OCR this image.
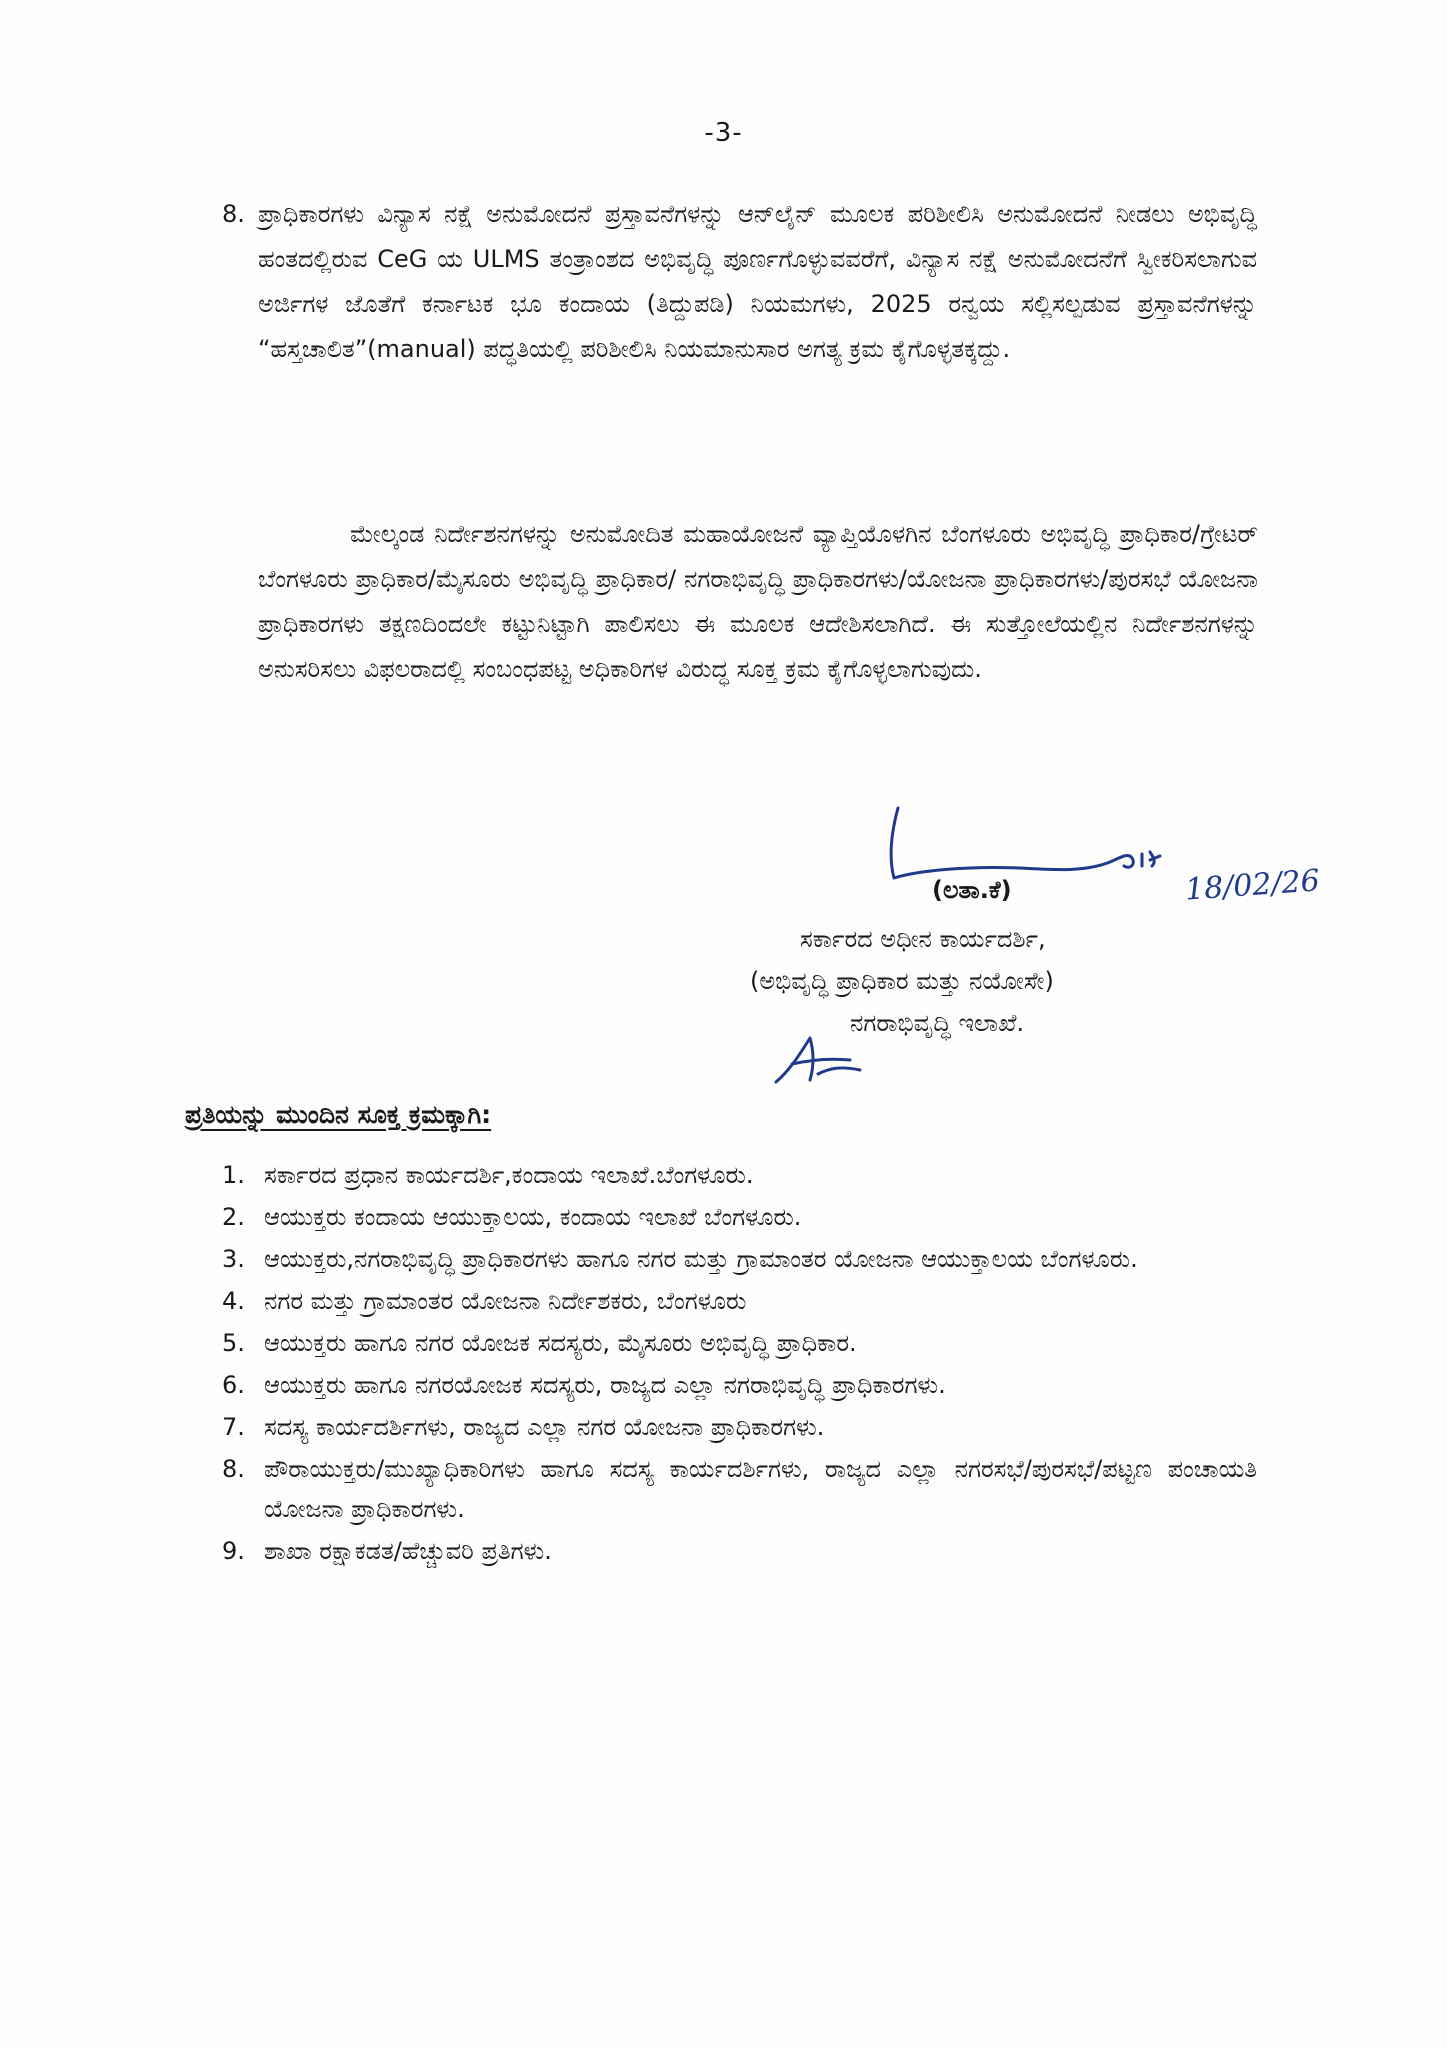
-3-
8. ಪ್ರಾಧಿಕಾರಗಳು ವಿನ್ಯಾಸ ನಕ್ಷೆ ಅನುಮೋದನೆ ಪ್ರಸ್ತಾವನೆಗಳನ್ನು ಆನ್‌ಲೈನ್ ಮೂಲಕ ಪರಿಶೀಲಿಸಿ ಅನುಮೋದನೆ ನೀಡಲು ಅಭಿವೃದ್ಧಿ ಹಂತದಲ್ಲಿರುವ CeG ಯ ULMS ತಂತ್ರಾಂಶದ ಅಭಿವೃದ್ಧಿ ಪೂರ್ಣಗೊಳ್ಳುವವರೆಗೆ, ವಿನ್ಯಾಸ ನಕ್ಷೆ ಅನುಮೋದನೆಗೆ ಸ್ವೀಕರಿಸಲಾಗುವ ಅರ್ಜಿಗಳ ಜೊತೆಗೆ ಕರ್ನಾಟಕ ಭೂ ಕಂದಾಯ (ತಿದ್ದುಪಡಿ) ನಿಯಮಗಳು, 2025 ರನ್ವಯ ಸಲ್ಲಿಸಲ್ಪಡುವ ಪ್ರಸ್ತಾವನೆಗಳನ್ನು “ಹಸ್ತಚಾಲಿತ”(manual) ಪದ್ಧತಿಯಲ್ಲಿ ಪರಿಶೀಲಿಸಿ ನಿಯಮಾನುಸಾರ ಅಗತ್ಯ ಕ್ರಮ ಕೈಗೊಳ್ಳತಕ್ಕದ್ದು.
ಮೇಲ್ಕಂಡ ನಿರ್ದೇಶನಗಳನ್ನು ಅನುಮೋದಿತ ಮಹಾಯೋಜನೆ ವ್ಯಾಪ್ತಿಯೊಳಗಿನ ಬೆಂಗಳೂರು ಅಭಿವೃದ್ಧಿ ಪ್ರಾಧಿಕಾರ/ಗ್ರೇಟರ್ ಬೆಂಗಳೂರು ಪ್ರಾಧಿಕಾರ/ಮೈಸೂರು ಅಭಿವೃದ್ಧಿ ಪ್ರಾಧಿಕಾರ/ ನಗರಾಭಿವೃದ್ಧಿ ಪ್ರಾಧಿಕಾರಗಳು/ಯೋಜನಾ ಪ್ರಾಧಿಕಾರಗಳು/ಪುರಸಭೆ ಯೋಜನಾ ಪ್ರಾಧಿಕಾರಗಳು ತಕ್ಷಣದಿಂದಲೇ ಕಟ್ಟುನಿಟ್ಟಾಗಿ ಪಾಲಿಸಲು ಈ ಮೂಲಕ ಆದೇಶಿಸಲಾಗಿದೆ. ಈ ಸುತ್ತೋಲೆಯಲ್ಲಿನ ನಿರ್ದೇಶನಗಳನ್ನು ಅನುಸರಿಸಲು ವಿಫಲರಾದಲ್ಲಿ ಸಂಬಂಧಪಟ್ಟ ಅಧಿಕಾರಿಗಳ ವಿರುದ್ಧ ಸೂಕ್ತ ಕ್ರಮ ಕೈಗೊಳ್ಳಲಾಗುವುದು.
18/02/26
(ಲತಾ.ಕೆ)
ಸರ್ಕಾರದ ಅಧೀನ ಕಾರ್ಯದರ್ಶಿ,
(ಅಭಿವೃದ್ಧಿ ಪ್ರಾಧಿಕಾರ ಮತ್ತು ನಯೋಸೇ)
ನಗರಾಭಿವೃದ್ಧಿ ಇಲಾಖೆ.
ಪ್ರತಿಯನ್ನು ಮುಂದಿನ ಸೂಕ್ತ ಕ್ರಮಕ್ಕಾಗಿ:
1. ಸರ್ಕಾರದ ಪ್ರಧಾನ ಕಾರ್ಯದರ್ಶಿ,ಕಂದಾಯ ಇಲಾಖೆ.ಬೆಂಗಳೂರು.
2. ಆಯುಕ್ತರು ಕಂದಾಯ ಆಯುಕ್ತಾಲಯ, ಕಂದಾಯ ಇಲಾಖೆ ಬೆಂಗಳೂರು.
3. ಆಯುಕ್ತರು,ನಗರಾಭಿವೃದ್ಧಿ ಪ್ರಾಧಿಕಾರಗಳು ಹಾಗೂ ನಗರ ಮತ್ತು ಗ್ರಾಮಾಂತರ ಯೋಜನಾ ಆಯುಕ್ತಾಲಯ ಬೆಂಗಳೂರು.
4. ನಗರ ಮತ್ತು ಗ್ರಾಮಾಂತರ ಯೋಜನಾ ನಿರ್ದೇಶಕರು, ಬೆಂಗಳೂರು
5. ಆಯುಕ್ತರು ಹಾಗೂ ನಗರ ಯೋಜಕ ಸದಸ್ಯರು, ಮೈಸೂರು ಅಭಿವೃದ್ಧಿ ಪ್ರಾಧಿಕಾರ.
6. ಆಯುಕ್ತರು ಹಾಗೂ ನಗರಯೋಜಕ ಸದಸ್ಯರು, ರಾಜ್ಯದ ಎಲ್ಲಾ ನಗರಾಭಿವೃದ್ಧಿ ಪ್ರಾಧಿಕಾರಗಳು.
7. ಸದಸ್ಯ ಕಾರ್ಯದರ್ಶಿಗಳು, ರಾಜ್ಯದ ಎಲ್ಲಾ ನಗರ ಯೋಜನಾ ಪ್ರಾಧಿಕಾರಗಳು.
8. ಪೌರಾಯುಕ್ತರು/ಮುಖ್ಯಾಧಿಕಾರಿಗಳು ಹಾಗೂ ಸದಸ್ಯ ಕಾರ್ಯದರ್ಶಿಗಳು, ರಾಜ್ಯದ ಎಲ್ಲಾ ನಗರಸಭೆ/ಪುರಸಭೆ/ಪಟ್ಟಣ ಪಂಚಾಯತಿ ಯೋಜನಾ ಪ್ರಾಧಿಕಾರಗಳು.
9. ಶಾಖಾ ರಕ್ಷಾಕಡತ/ಹೆಚ್ಚುವರಿ ಪ್ರತಿಗಳು.
